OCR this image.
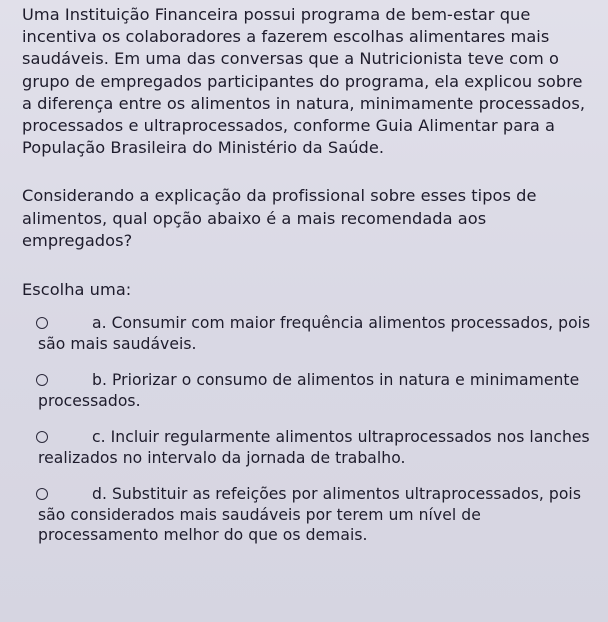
Uma Instituição Financeira possui programa de bem-estar que incentiva os colaboradores a fazerem escolhas alimentares mais saudáveis. Em uma das conversas que a Nutricionista teve com o grupo de empregados participantes do programa, ela explicou sobre a diferença entre os alimentos in natura, minimamente processados, processados e ultraprocessados, conforme Guia Alimentar para a População Brasileira do Ministério da Saúde.

Considerando a explicação da profissional sobre esses tipos de alimentos, qual opção abaixo é a mais recomendada aos empregados?

Escolha uma:

a. Consumir com maior frequência alimentos processados, pois são mais saudáveis.

b. Priorizar o consumo de alimentos in natura e minimamente processados.

c. Incluir regularmente alimentos ultraprocessados nos lanches realizados no intervalo da jornada de trabalho.

d. Substituir as refeições por alimentos ultraprocessados, pois são considerados mais saudáveis por terem um nível de processamento melhor do que os demais.
